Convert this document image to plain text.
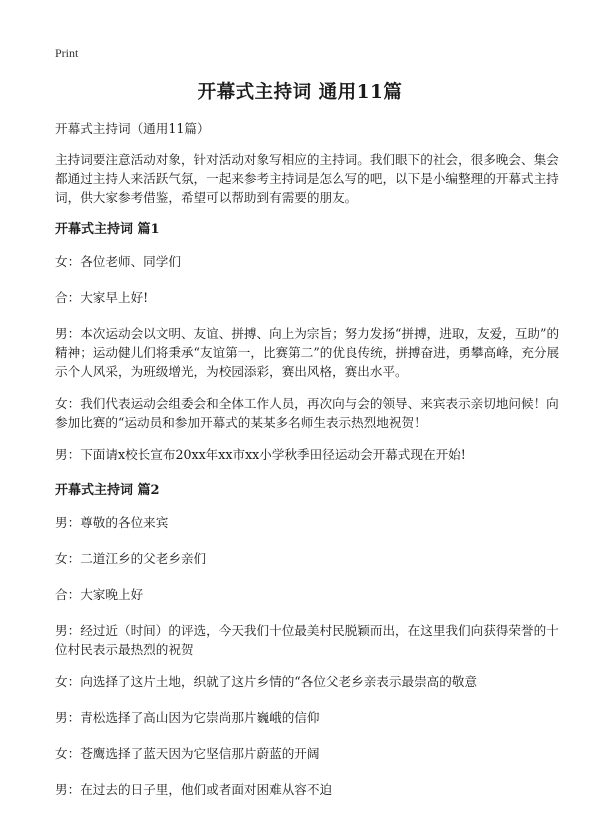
Print
开幕式主持词 通用11篇

开幕式主持词（通用11篇）

主持词要注意活动对象，针对活动对象写相应的主持词。我们眼下的社会，很多晚会、集会都通过主持人来活跃气氛，一起来参考主持词是怎么写的吧，以下是小编整理的开幕式主持词，供大家参考借鉴，希望可以帮助到有需要的朋友。

开幕式主持词 篇1

女：各位老师、同学们

合：大家早上好!

男：本次运动会以文明、友谊、拼搏、向上为宗旨；努力发扬“拼搏，进取，友爱，互助”的精神；运动健儿们将秉承“友谊第一，比赛第二”的优良传统，拼搏奋进，勇攀高峰，充分展示个人风采，为班级增光，为校园添彩，赛出风格，赛出水平。

女：我们代表运动会组委会和全体工作人员，再次向与会的领导、来宾表示亲切地问候！向参加比赛的“运动员和参加开幕式的某某多名师生表示热烈地祝贺！

男：下面请x校长宣布20xx年xx市xx小学秋季田径运动会开幕式现在开始!

开幕式主持词 篇2

男：尊敬的各位来宾

女：二道江乡的父老乡亲们

合：大家晚上好

男：经过近（时间）的评选，今天我们十位最美村民脱颖而出，在这里我们向获得荣誉的十位村民表示最热烈的祝贺

女：向选择了这片土地，织就了这片乡情的“各位父老乡亲表示最崇高的敬意

男：青松选择了高山因为它崇尚那片巍峨的信仰

女：苍鹰选择了蓝天因为它坚信那片蔚蓝的开阔

男：在过去的日子里，他们或者面对困难从容不迫
